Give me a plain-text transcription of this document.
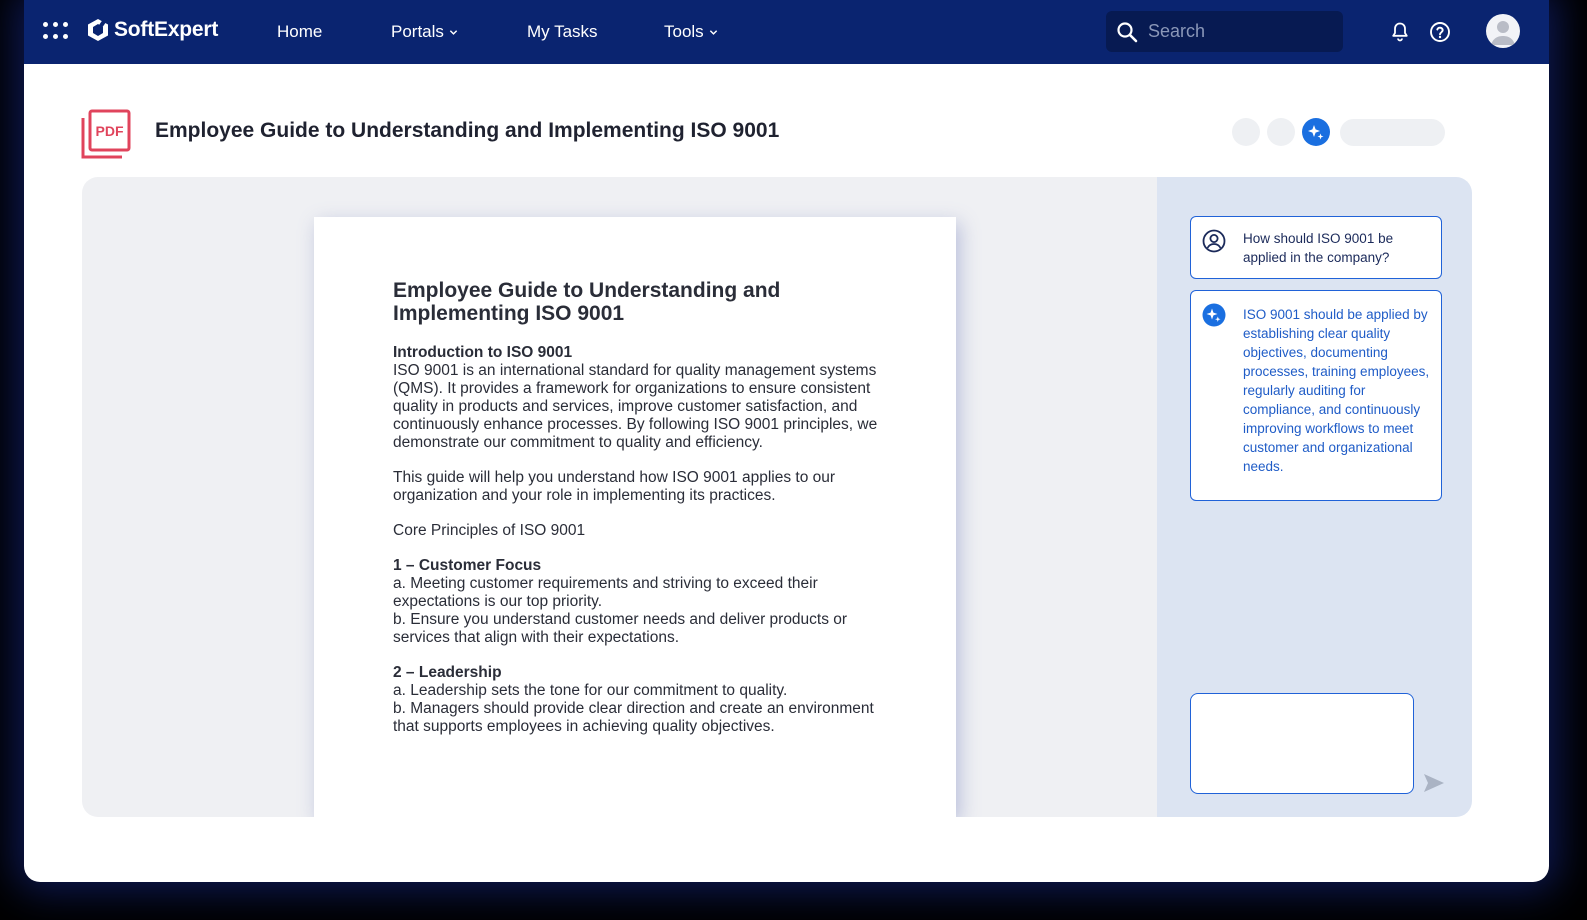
SoftExpert	Home	Portals	My Tasks	Tools
Search
PDF Employee Guide to Understanding and Implementing ISO 9001
Employee Guide to Understanding and Implementing ISO 9001
Introduction to ISO 9001
ISO 9001 is an international standard for quality management systems (QMS). It provides a framework for organizations to ensure consistent quality in products and services, improve customer satisfaction, and continuously enhance processes. By following ISO 9001 principles, we demonstrate our commitment to quality and efficiency.
This guide will help you understand how ISO 9001 applies to our organization and your role in implementing its practices.
Core Principles of ISO 9001
1 – Customer Focus
a. Meeting customer requirements and striving to exceed their expectations is our top priority.
b. Ensure you understand customer needs and deliver products or services that align with their expectations.
2 – Leadership
a. Leadership sets the tone for our commitment to quality.
b. Managers should provide clear direction and create an environment that supports employees in achieving quality objectives.
How should ISO 9001 be applied in the company?
ISO 9001 should be applied by establishing clear quality objectives, documenting processes, training employees, regularly auditing for compliance, and continuously improving workflows to meet customer and organizational needs.
